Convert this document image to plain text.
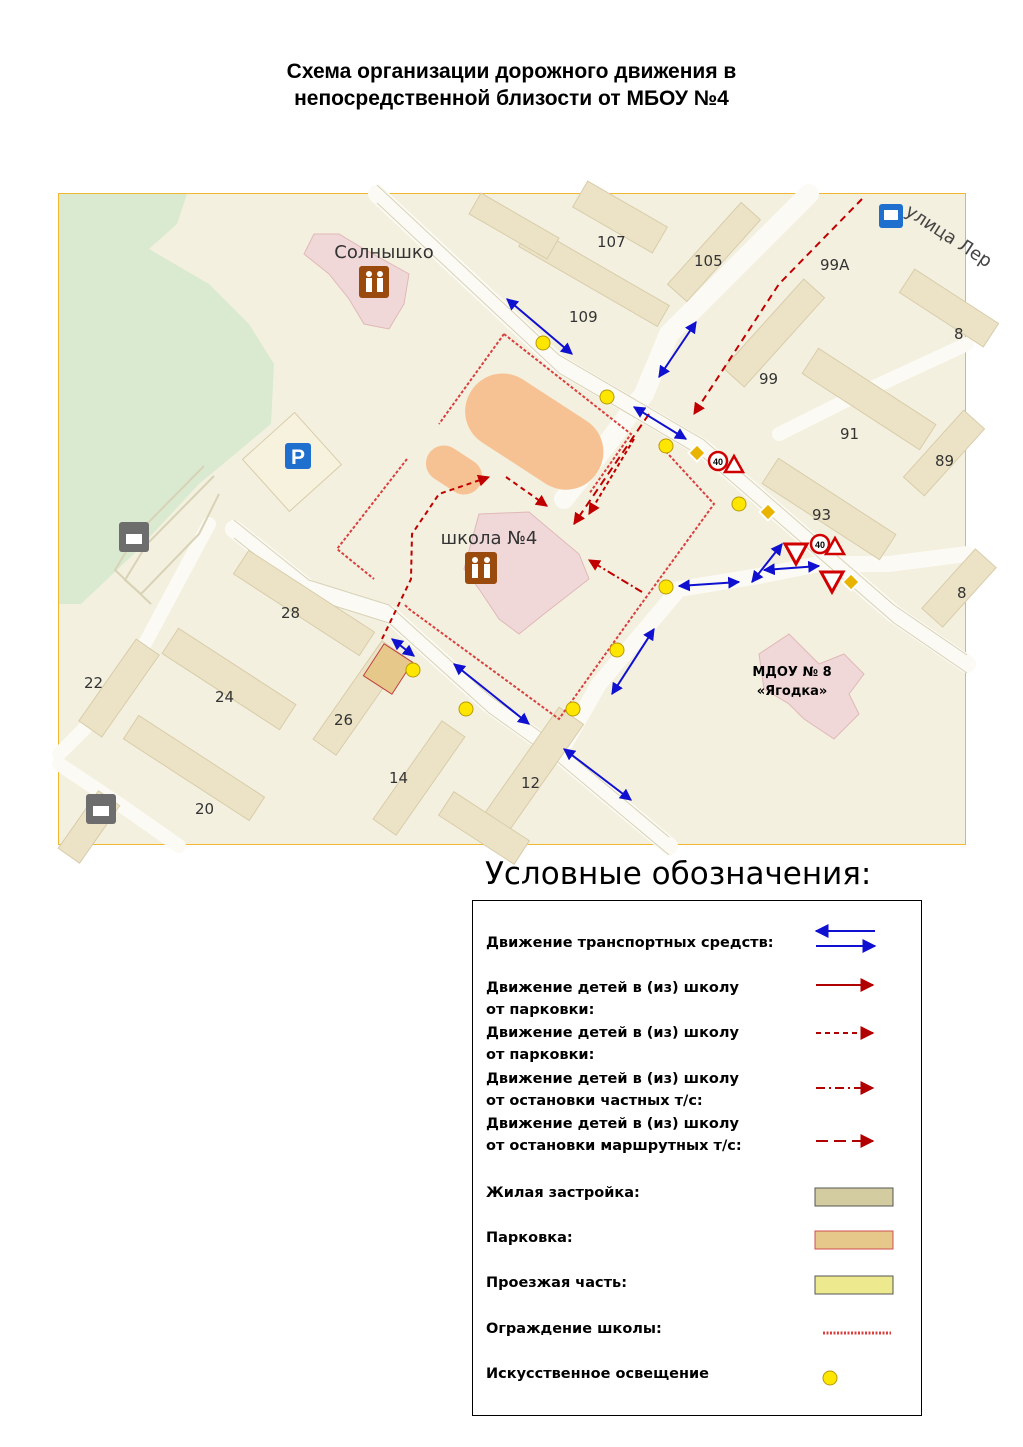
Схема организации дорожного движения в
непосредственной близости от МБОУ №4
P
Солнышко
школа №4
МДОУ № 8
«Ягодка»
40
40
улица Лер
107
105	99А
109
99
91
89
93
28
22
24
26
14	12
20
8
8
Условные обозначения:
Движение транспортных средств:
Движение детей в (из) школу
от парковки:
Движение детей в (из) школу
от парковки:
Движение детей в (из) школу
от остановки частных т/с:
Движение детей в (из) школу
от остановки маршрутных т/с:
Жилая застройка:
Парковка:
Проезжая часть:
Ограждение школы:
Искусственное освещение
